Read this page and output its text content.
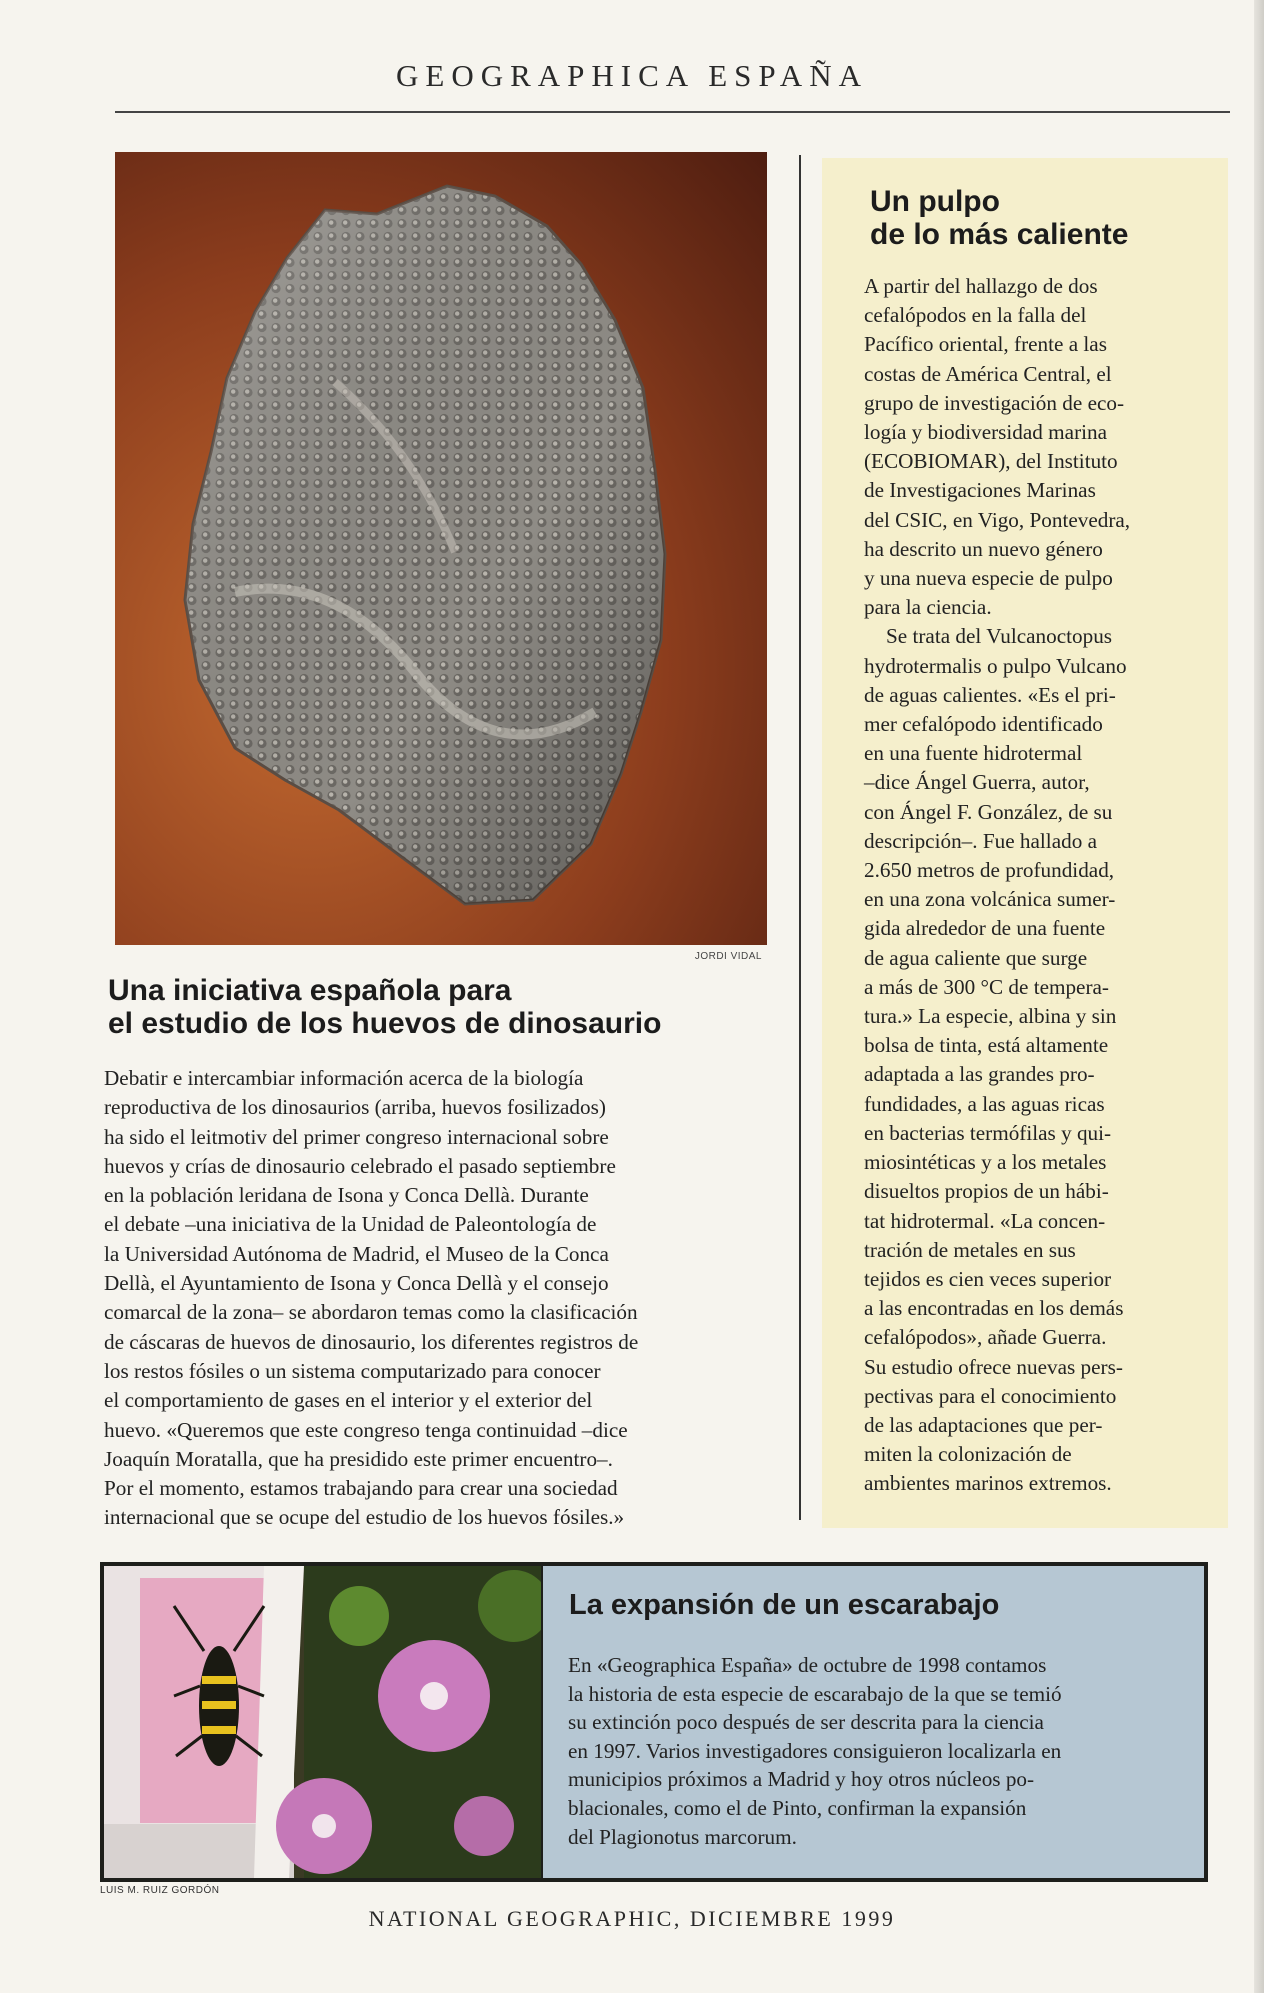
GEOGRAPHICA ESPAÑA
JORDI VIDAL
Una iniciativa española para
el estudio de los huevos de dinosaurio
Debatir e intercambiar información acerca de la biología
reproductiva de los dinosaurios (arriba, huevos fosilizados)
ha sido el leitmotiv del primer congreso internacional sobre
huevos y crías de dinosaurio celebrado el pasado septiembre
en la población leridana de Isona y Conca Dellà. Durante
el debate –una iniciativa de la Unidad de Paleontología de
la Universidad Autónoma de Madrid, el Museo de la Conca
Dellà, el Ayuntamiento de Isona y Conca Dellà y el consejo
comarcal de la zona– se abordaron temas como la clasificación
de cáscaras de huevos de dinosaurio, los diferentes registros de
los restos fósiles o un sistema computarizado para conocer
el comportamiento de gases en el interior y el exterior del
huevo. «Queremos que este congreso tenga continuidad –dice
Joaquín Moratalla, que ha presidido este primer encuentro–.
Por el momento, estamos trabajando para crear una sociedad
internacional que se ocupe del estudio de los huevos fósiles.»
Un pulpo
de lo más caliente
A partir del hallazgo de dos
cefalópodos en la falla del
Pacífico oriental, frente a las
costas de América Central, el
grupo de investigación de eco-
logía y biodiversidad marina
(ECOBIOMAR), del Instituto
de Investigaciones Marinas
del CSIC, en Vigo, Pontevedra,
ha descrito un nuevo género
y una nueva especie de pulpo
para la ciencia.
Se trata del Vulcanoctopus
hydrotermalis o pulpo Vulcano
de aguas calientes. «Es el pri-
mer cefalópodo identificado
en una fuente hidrotermal
–dice Ángel Guerra, autor,
con Ángel F. González, de su
descripción–. Fue hallado a
2.650 metros de profundidad,
en una zona volcánica sumer-
gida alrededor de una fuente
de agua caliente que surge
a más de 300 °C de tempera-
tura.» La especie, albina y sin
bolsa de tinta, está altamente
adaptada a las grandes pro-
fundidades, a las aguas ricas
en bacterias termófilas y qui-
miosintéticas y a los metales
disueltos propios de un hábi-
tat hidrotermal. «La concen-
tración de metales en sus
tejidos es cien veces superior
a las encontradas en los demás
cefalópodos», añade Guerra.
Su estudio ofrece nuevas pers-
pectivas para el conocimiento
de las adaptaciones que per-
miten la colonización de
ambientes marinos extremos.
La expansión de un escarabajo
En «Geographica España» de octubre de 1998 contamos
la historia de esta especie de escarabajo de la que se temió
su extinción poco después de ser descrita para la ciencia
en 1997. Varios investigadores consiguieron localizarla en
municipios próximos a Madrid y hoy otros núcleos po-
blacionales, como el de Pinto, confirman la expansión
del Plagionotus marcorum.
LUIS M. RUIZ GORDÓN
NATIONAL GEOGRAPHIC, DICIEMBRE 1999
